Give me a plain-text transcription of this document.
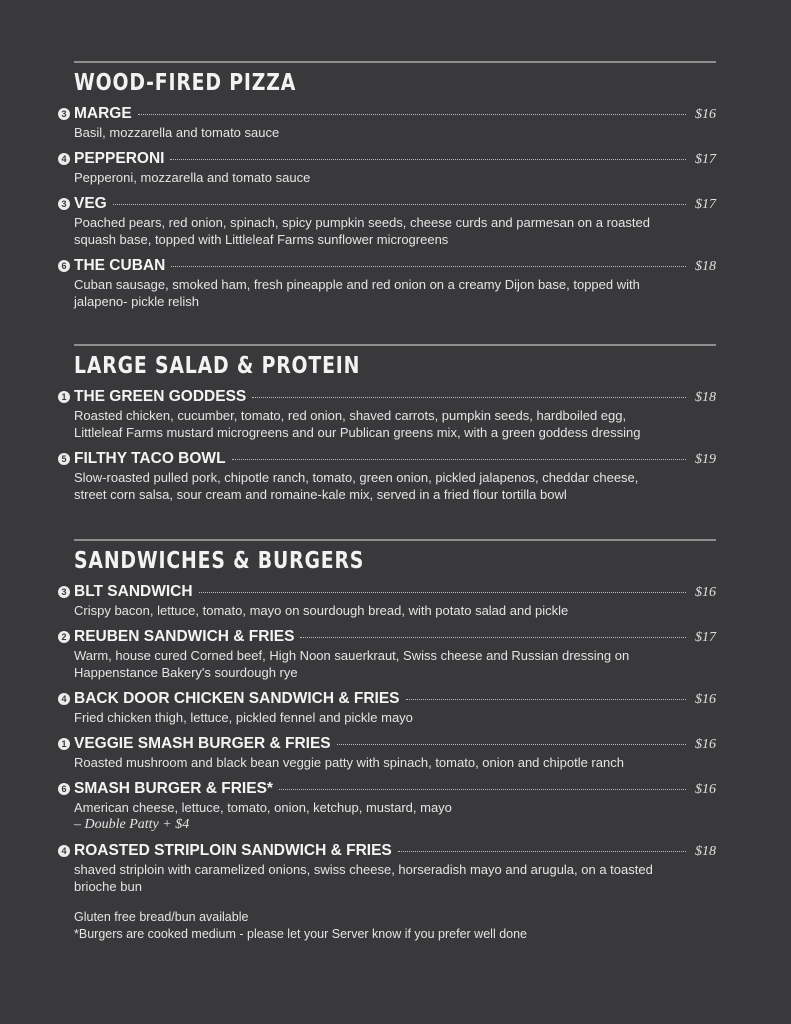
WOOD-FIRED PIZZA
3 MARGE	$16
Basil, mozzarella and tomato sauce
4 PEPPERONI	$17
Pepperoni, mozzarella and tomato sauce
3 VEG	$17
Poached pears, red onion, spinach, spicy pumpkin seeds, cheese curds and parmesan on a roasted squash base, topped with Littleleaf Farms sunflower microgreens
6 THE CUBAN	$18
Cuban sausage, smoked ham, fresh pineapple and red onion on a creamy Dijon base, topped with jalapeno- pickle relish
LARGE SALAD & PROTEIN
1 THE GREEN GODDESS	$18
Roasted chicken, cucumber, tomato, red onion, shaved carrots, pumpkin seeds, hardboiled egg, Littleleaf Farms mustard microgreens and our Publican greens mix, with a green goddess dressing
5 FILTHY TACO BOWL	$19
Slow-roasted pulled pork, chipotle ranch, tomato, green onion, pickled jalapenos, cheddar cheese, street corn salsa, sour cream and romaine-kale mix, served in a fried flour tortilla bowl
SANDWICHES & BURGERS
3 BLT SANDWICH	$16
Crispy bacon, lettuce, tomato, mayo on sourdough bread, with potato salad and pickle
2 REUBEN SANDWICH & FRIES	$17
Warm, house cured Corned beef, High Noon sauerkraut, Swiss cheese and Russian dressing on Happenstance Bakery's sourdough rye
4 BACK DOOR CHICKEN SANDWICH & FRIES	$16
Fried chicken thigh, lettuce, pickled fennel and pickle mayo
1 VEGGIE SMASH BURGER & FRIES	$16
Roasted mushroom and black bean veggie patty with spinach, tomato, onion and chipotle ranch
6 SMASH BURGER & FRIES*	$16
American cheese, lettuce, tomato, onion, ketchup, mustard, mayo
– Double Patty + $4
4 ROASTED STRIPLOIN SANDWICH & FRIES	$18
shaved striploin with caramelized onions, swiss cheese, horseradish mayo and arugula, on a toasted brioche bun
Gluten free bread/bun available
*Burgers are cooked medium - please let your Server know if you prefer well done
